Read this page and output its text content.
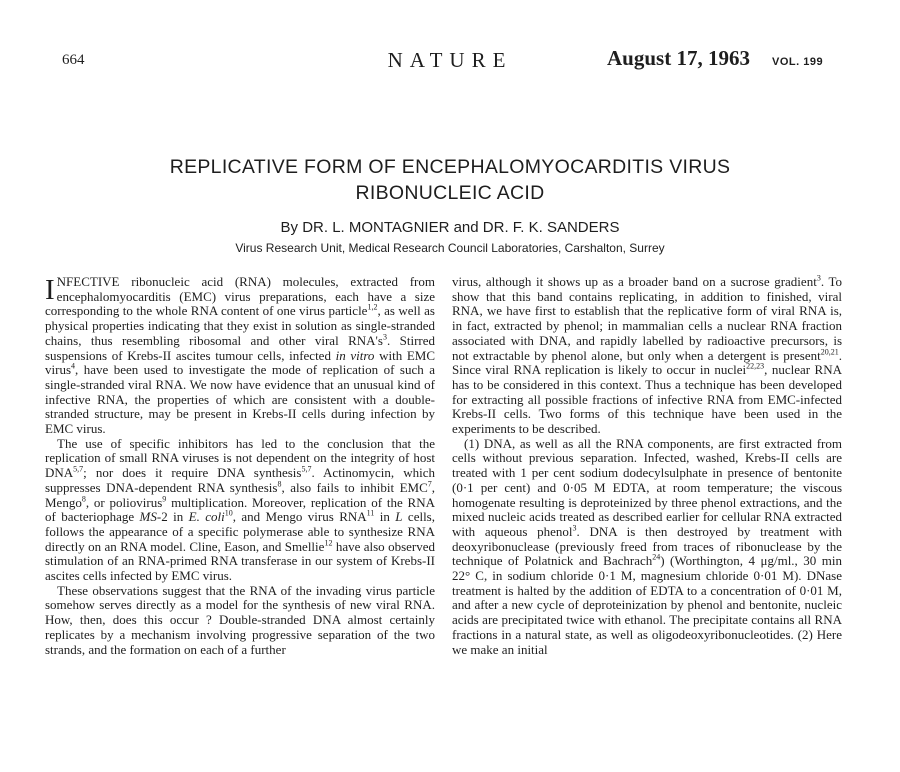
664	NATURE	August 17, 1963 VOL. 199
REPLICATIVE FORM OF ENCEPHALOMYOCARDITIS VIRUS
RIBONUCLEIC ACID
By DR. L. MONTAGNIER and DR. F. K. SANDERS
Virus Research Unit, Medical Research Council Laboratories, Carshalton, Surrey

INFECTIVE ribonucleic acid (RNA) molecules, extracted from encephalomyocarditis (EMC) virus preparations, each have a size corresponding to the whole RNA content of one virus particle$^{1,2}$, as well as physical properties indicating that they exist in solution as single-stranded chains, thus resembling ribosomal and other viral $RNA's^3$. Stirred suspensions of Krebs-II ascites tumour cells, infected in vitro with EMC virus$^4$, have been used to investigate the mode of replication of such a single-stranded viral RNA. We now have evidence that an unusual kind of infective RNA, the properties of which are consistent with a double-stranded structure, may be present in Krebs-II cells during infection by EMC virus.

The use of specific inhibitors has led to the conclusion that the replication of small RNA viruses is not dependent on the integrity of host DNA$^{5,7}$; nor does it require DNA synthesis$^{5,7}$. Actinomycin, which suppresses DNA-dependent RNA synthesis$^8$, also fails to inhibit EMC$^7$, Mengo$^8$, or poliovirus$^9$ multiplication. Moreover, replication of the RNA of bacteriophage MS-2 in E. coli$^{10}$, and Mengo virus RNA$^{11}$ in L cells, follows the appearance of a specific polymerase able to synthesize RNA directly on an RNA model. Cline, Eason, and Smellie$^{12}$ have also observed stimulation of an RNA-primed RNA transferase in our system of Krebs-II ascites cells infected by EMC virus.

These observations suggest that the RNA of the invading virus particle somehow serves directly as a model for the synthesis of new viral RNA. How, then, does this occur ? Double-stranded DNA almost certainly replicates by a mechanism involving progressive separation of the two strands, and the formation on each of a further

virus, although it shows up as a broader band on a sucrose gradient$^3$. To show that this band contains replicating, in addition to finished, viral RNA, we have first to establish that the replicative form of viral RNA is, in fact, extracted by phenol; in mammalian cells a nuclear RNA fraction associated with DNA, and rapidly labelled by radioactive precursors, is not extractable by phenol alone, but only when a detergent is present$^{20,21}$. Since viral RNA replication is likely to occur in nuclei$^{22,23}$, nuclear RNA has to be considered in this context. Thus a technique has been developed for extracting all possible fractions of infective RNA from EMC-infected Krebs-II cells. Two forms of this technique have been used in the experiments to be described.

(1) DNA, as well as all the RNA components, are first extracted from cells without previous separation. Infected, washed, Krebs-II cells are treated with 1 per cent sodium dodecylsulphate in presence of bentonite (0·1 per cent) and 0·05 M EDTA, at room temperature; the viscous homogenate resulting is deproteinized by three phenol extractions, and the mixed nucleic acids treated as described earlier for cellular RNA extracted with aqueous phenol$^3$. DNA is then destroyed by treatment with deoxyribonuclease (previously freed from traces of ribonuclease by the technique of Polatnick and Bachrach$^{24}$) (Worthington, 4 μg/ml., 30 min 22° C, in sodium chloride 0·1 M, magnesium chloride 0·01 M). DNase treatment is halted by the addition of EDTA to a concentration of 0·01 M, and after a new cycle of deproteinization by phenol and bentonite, nucleic acids are precipitated twice with ethanol. The precipitate contains all RNA fractions in a natural state, as well as oligodeoxyribonucleotides. (2) Here we make an initial
